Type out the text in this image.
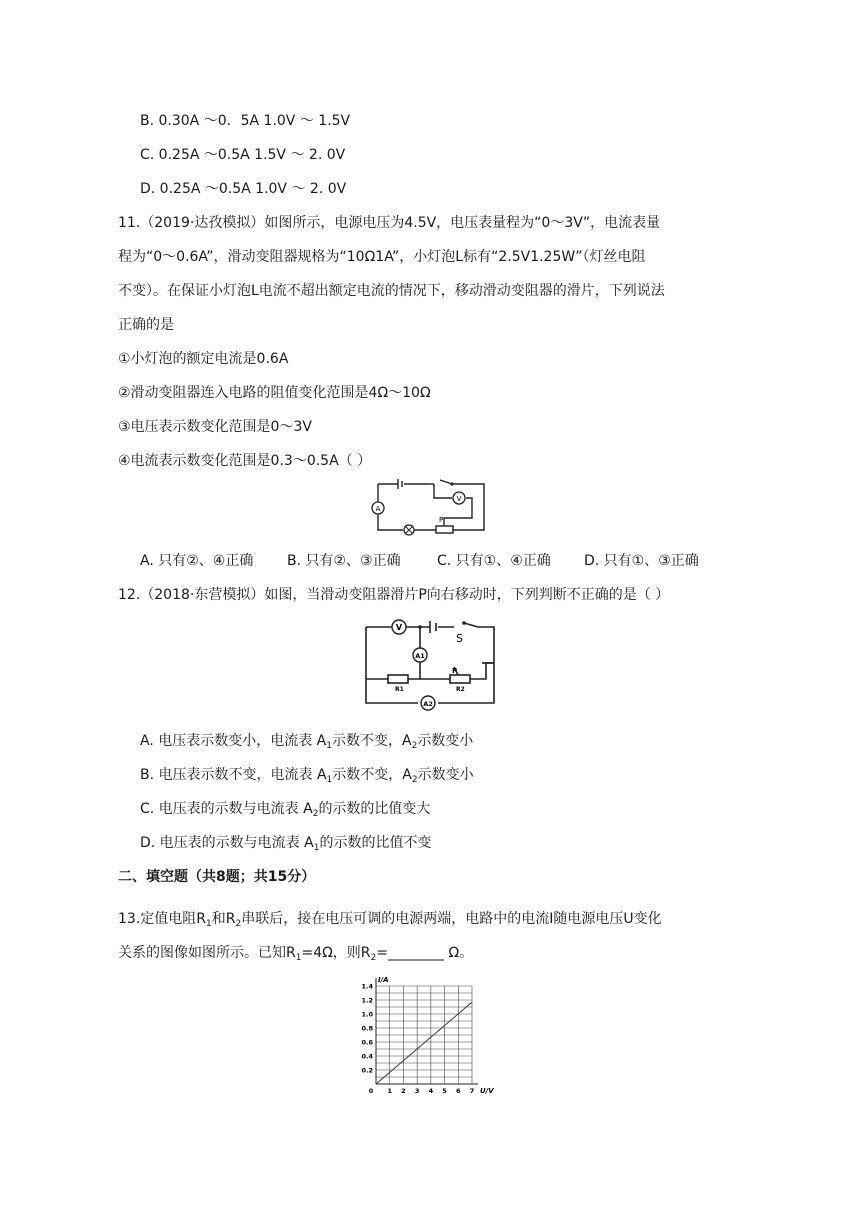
B. 0.30A ～0．5A 1.0V ～ 1.5V
C. 0.25A ～0.5A 1.5V ～ 2. 0V
D. 0.25A ～0.5A 1.0V ～ 2. 0V
11.（2019·达孜模拟）如图所示，电源电压为4.5V，电压表量程为“0～3V”，电流表量
程为“0～0.6A”，滑动变阻器规格为“10Ω1A”，小灯泡L标有“2.5V1.25W”（灯丝电阻
不变）。在保证小灯泡L电流不超出额定电流的情况下，移动滑动变阻器的滑片，下列说法
正确的是
①小灯泡的额定电流是0.6A
②滑动变阻器连入电路的阻值变化范围是4Ω～10Ω
③电压表示数变化范围是0～3V
④电流表示数变化范围是0.3～0.5A（ ）
A
V
P
A. 只有②、④正确 B. 只有②、③正确	C. 只有①、④正确 D. 只有①、③正确
12.（2018·东营模拟）如图，当滑动变阻器滑片P向右移动时，下列判断不正确的是（ ）
V
A1
A2
S
P
R1	R2
A. 电压表示数变小，电流表 $A_1$示数不变，$A_2$示数变小
B. 电压表示数不变，电流表 $A_1$示数不变，$A_2$示数变小
C. 电压表的示数与电流表 $A_2$的示数的比值变大
D. 电压表的示数与电流表 $A_1$的示数的比值不变
二、填空题（共8题；共15分）
13.定值电阻$R_1$和$R_2$串联后，接在电压可调的电源两端，电路中的电流I随电源电压U变化
关系的图像如图所示。已知$R_1=4\Omega$，则$R_2=\_\_\_\_\_\_\_\_$ Ω。
0 1 2 3 4 5 6 7
0.2
0.4
0.6
0.8
1.0
1.2
1.4
I/A
U/V
